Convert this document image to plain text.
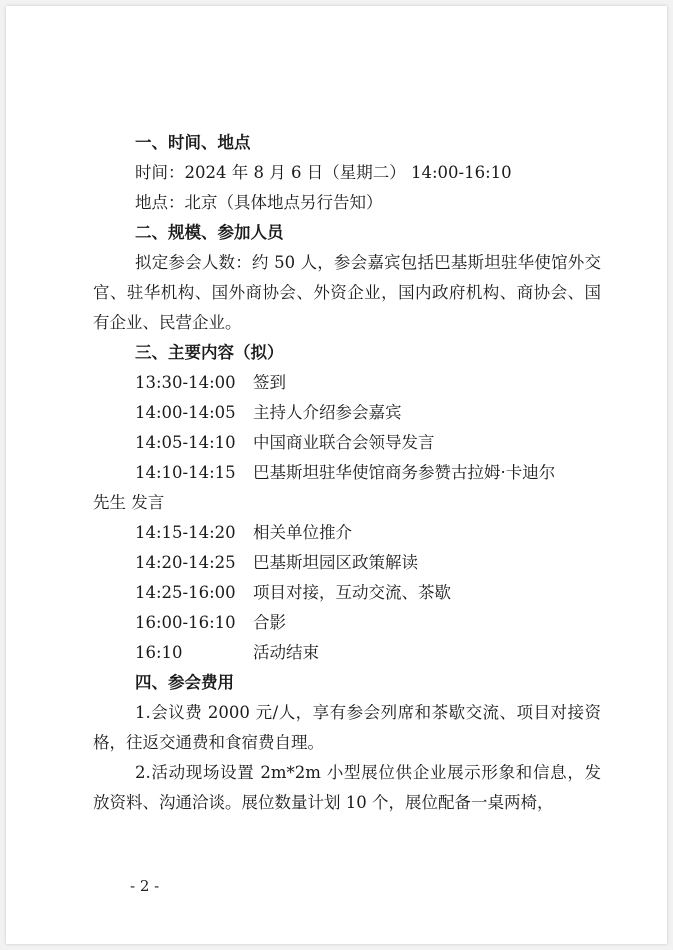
一、时间、地点
时间：2024 年 8 月 6 日（星期二） 14:00-16:10
地点：北京（具体地点另行告知）
二、规模、参加人员
拟定参会人数：约 50 人，参会嘉宾包括巴基斯坦驻华使馆外交官、驻华机构、国外商协会、外资企业，国内政府机构、商协会、国有企业、民营企业。
三、主要内容（拟）
13:30-14:00	签到
14:00-14:05	主持人介绍参会嘉宾
14:05-14:10	中国商业联合会领导发言
14:10-14:15	巴基斯坦驻华使馆商务参赞古拉姆·卡迪尔
先生 发言
14:15-14:20	相关单位推介
14:20-14:25	巴基斯坦园区政策解读
14:25-16:00	项目对接，互动交流、茶歇
16:00-16:10	合影
16:10	活动结束
四、参会费用
1.会议费 2000 元/人，享有参会列席和茶歇交流、项目对接资格，往返交通费和食宿费自理。
2.活动现场设置 2m*2m 小型展位供企业展示形象和信息，发放资料、沟通洽谈。展位数量计划 10 个，展位配备一桌两椅，
- 2 -
